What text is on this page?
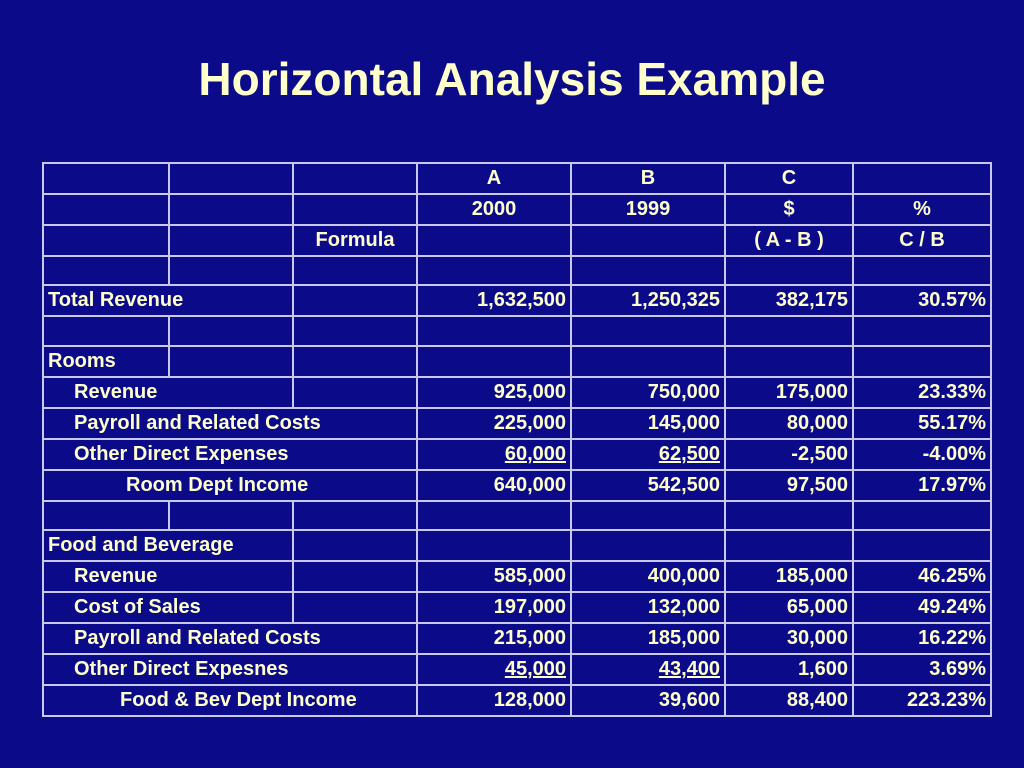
Horizontal Analysis Example
			A	B	C	
			2000	1999	$	%
		Formula			( A - B )	C / B

Total Revenue			1,632,500	1,250,325	382,175	30.57%

Rooms						
Revenue			925,000	750,000	175,000	23.33%
Payroll and Related Costs			225,000	145,000	80,000	55.17%
Other Direct Expenses			60,000	62,500	-2,500	-4.00%
Room Dept Income			640,000	542,500	97,500	17.97%

Food and Beverage						
Revenue			585,000	400,000	185,000	46.25%
Cost of Sales			197,000	132,000	65,000	49.24%
Payroll and Related Costs			215,000	185,000	30,000	16.22%
Other Direct Expesnes			45,000	43,400	1,600	3.69%
Food & Bev Dept Income			128,000	39,600	88,400	223.23%
